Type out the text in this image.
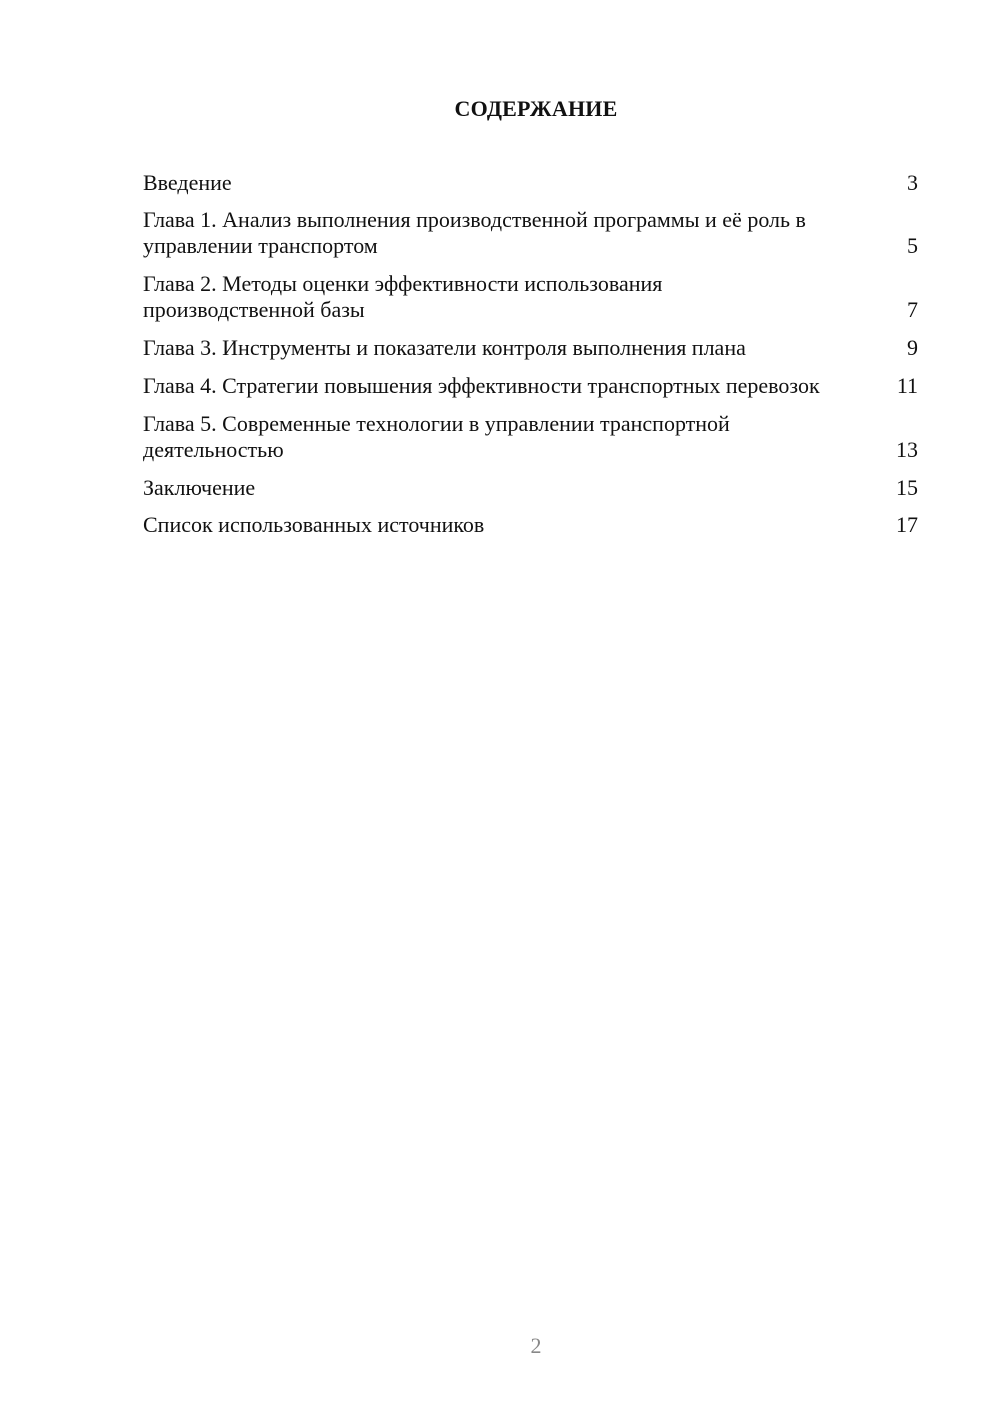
СОДЕРЖАНИЕ
Введение	3
Глава 1. Анализ выполнения производственной программы и её роль в управлении транспортом	5
Глава 2. Методы оценки эффективности использования производственной базы	7
Глава 3. Инструменты и показатели контроля выполнения плана	9
Глава 4. Стратегии повышения эффективности транспортных перевозок	11
Глава 5. Современные технологии в управлении транспортной деятельностью	13
Заключение	15
Список использованных источников	17
2
